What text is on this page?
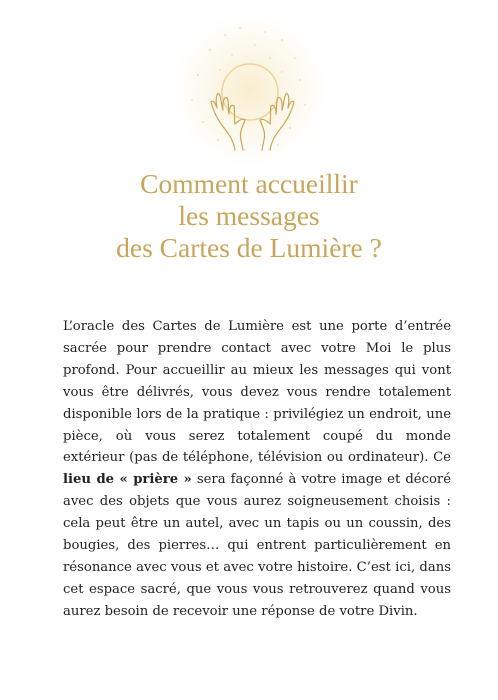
Comment accueillir
les messages
des Cartes de Lumière ?

L’oracle des Cartes de Lumière est une porte d’entrée sacrée pour prendre contact avec votre Moi le plus profond. Pour accueillir au mieux les messages qui vont vous être délivrés, vous devez vous rendre totalement disponible lors de la pratique : privilégiez un endroit, une pièce, où vous serez totalement coupé du monde extérieur (pas de téléphone, télévision ou ordinateur). Ce lieu de « prière » sera façonné à votre image et décoré avec des objets que vous aurez soigneusement choisis : cela peut être un autel, avec un tapis ou un coussin, des bougies, des pierres… qui entrent particulièrement en résonance avec vous et avec votre histoire. C’est ici, dans cet espace sacré, que vous vous retrouverez quand vous aurez besoin de recevoir une réponse de votre Divin.
